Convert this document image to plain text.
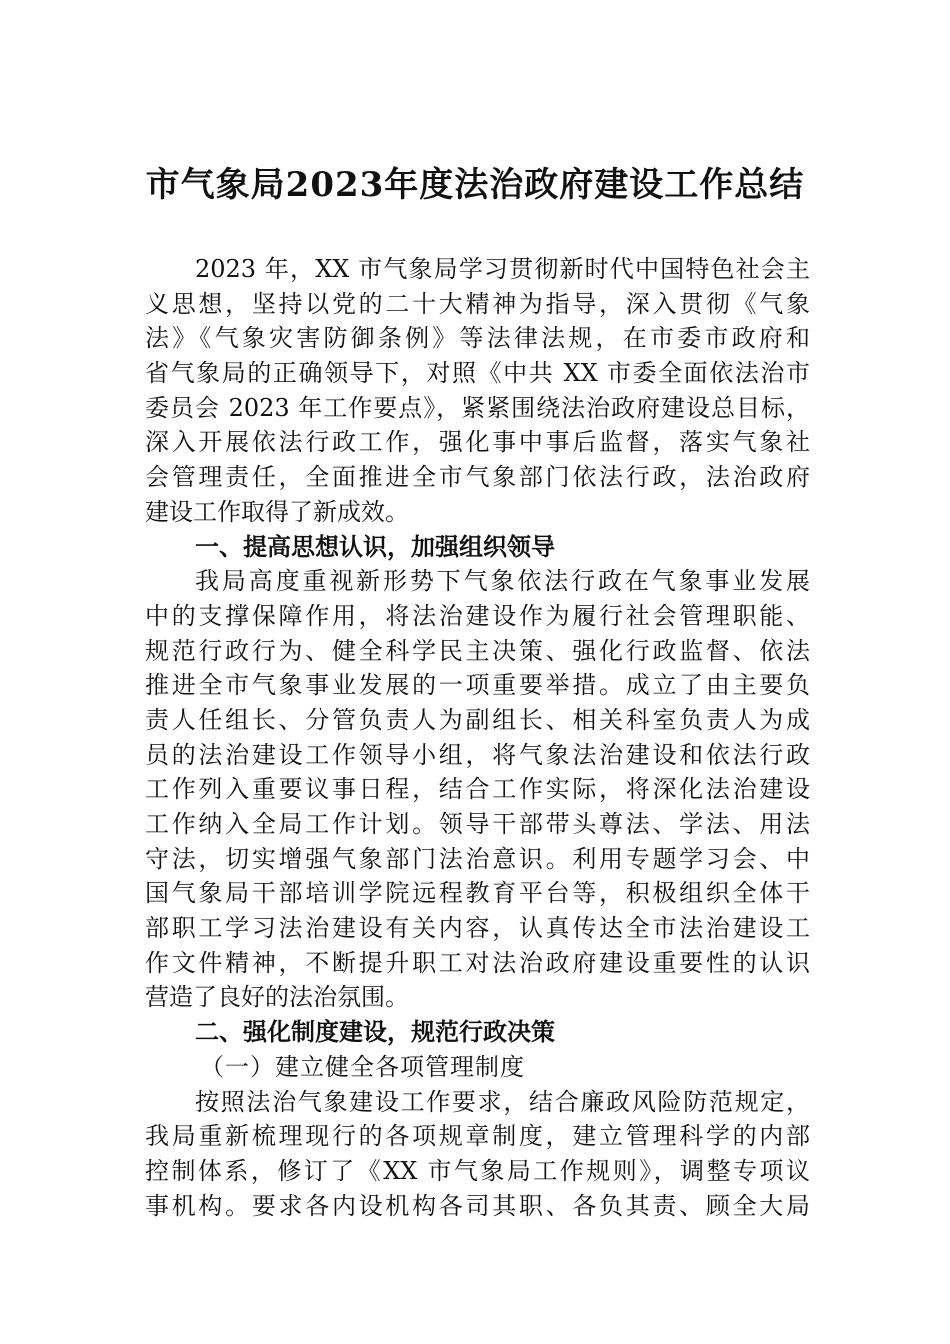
市气象局2023年度法治政府建设工作总结
2023 年，XX 市气象局学习贯彻新时代中国特色社会主
义思想，坚持以党的二十大精神为指导，深入贯彻《气象
法》《气象灾害防御条例》等法律法规，在市委市政府和
省气象局的正确领导下，对照《中共 XX 市委全面依法治市
委员会 2023 年工作要点》，紧紧围绕法治政府建设总目标，
深入开展依法行政工作，强化事中事后监督，落实气象社
会管理责任，全面推进全市气象部门依法行政，法治政府
建设工作取得了新成效。
一、提高思想认识，加强组织领导
我局高度重视新形势下气象依法行政在气象事业发展
中的支撑保障作用，将法治建设作为履行社会管理职能、
规范行政行为、健全科学民主决策、强化行政监督、依法
推进全市气象事业发展的一项重要举措。成立了由主要负
责人任组长、分管负责人为副组长、相关科室负责人为成
员的法治建设工作领导小组，将气象法治建设和依法行政
工作列入重要议事日程，结合工作实际，将深化法治建设
工作纳入全局工作计划。领导干部带头尊法、学法、用法
守法，切实增强气象部门法治意识。利用专题学习会、中
国气象局干部培训学院远程教育平台等，积极组织全体干
部职工学习法治建设有关内容，认真传达全市法治建设工
作文件精神，不断提升职工对法治政府建设重要性的认识
营造了良好的法治氛围。
二、强化制度建设，规范行政决策
（一）建立健全各项管理制度
按照法治气象建设工作要求，结合廉政风险防范规定，
我局重新梳理现行的各项规章制度，建立管理科学的内部
控制体系，修订了《XX 市气象局工作规则》，调整专项议
事机构。要求各内设机构各司其职、各负其责、顾全大局
